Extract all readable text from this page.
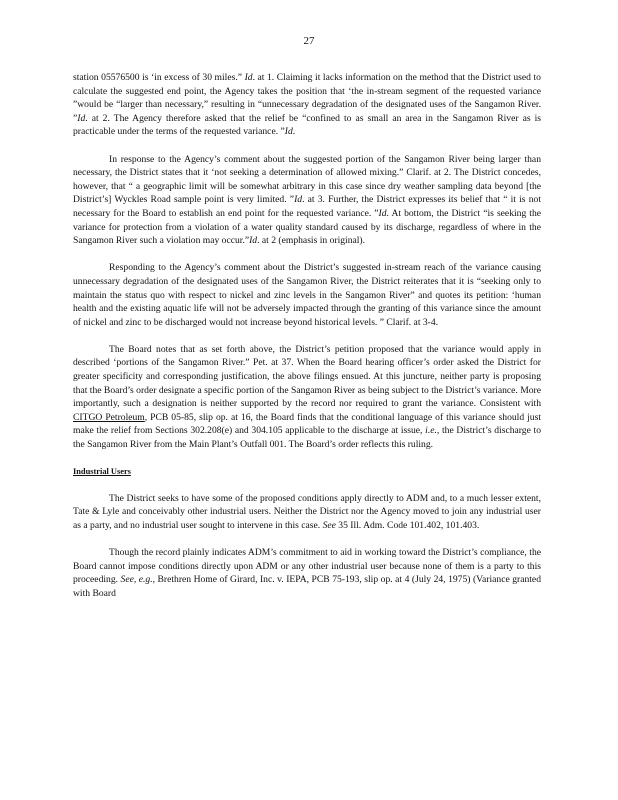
27

station 05576500 is ‘in excess of 30 miles.” Id. at 1. Claiming it lacks information on the method that the District used to calculate the suggested end point, the Agency takes the position that ‘the in-stream segment of the requested variance ”would be “larger than necessary,” resulting in “unnecessary degradation of the designated uses of the Sangamon River. ”Id. at 2. The Agency therefore asked that the relief be “confined to as small an area in the Sangamon River as is practicable under the terms of the requested variance. ”Id.

In response to the Agency’s comment about the suggested portion of the Sangamon River being larger than necessary, the District states that it ‘not seeking a determination of allowed mixing.” Clarif. at 2. The District concedes, however, that “ a geographic limit will be somewhat arbitrary in this case since dry weather sampling data beyond [the District’s] Wyckles Road sample point is very limited. ”Id. at 3. Further, the District expresses its belief that “ it is not necessary for the Board to establish an end point for the requested variance. ”Id. At bottom, the District “is seeking the variance for protection from a violation of a water quality standard caused by its discharge, regardless of where in the Sangamon River such a violation may occur.”Id. at 2 (emphasis in original).

Responding to the Agency’s comment about the District’s suggested in-stream reach of the variance causing unnecessary degradation of the designated uses of the Sangamon River, the District reiterates that it is “seeking only to maintain the status quo with respect to nickel and zinc levels in the Sangamon River” and quotes its petition: ‘human health and the existing aquatic life will not be adversely impacted through the granting of this variance since the amount of nickel and zinc to be discharged would not increase beyond historical levels. ” Clarif. at 3-4.

The Board notes that as set forth above, the District’s petition proposed that the variance would apply in described ‘portions of the Sangamon River.” Pet. at 37. When the Board hearing officer’s order asked the District for greater specificity and corresponding justification, the above filings ensued. At this juncture, neither party is proposing that the Board’s order designate a specific portion of the Sangamon River as being subject to the District’s variance. More importantly, such a designation is neither supported by the record nor required to grant the variance. Consistent with CITGO Petroleum, PCB 05-85, slip op. at 16, the Board finds that the conditional language of this variance should just make the relief from Sections 302.208(e) and 304.105 applicable to the discharge at issue, i.e., the District’s discharge to the Sangamon River from the Main Plant’s Outfall 001. The Board’s order reflects this ruling.

Industrial Users

The District seeks to have some of the proposed conditions apply directly to ADM and, to a much lesser extent, Tate & Lyle and conceivably other industrial users. Neither the District nor the Agency moved to join any industrial user as a party, and no industrial user sought to intervene in this case. See 35 Ill. Adm. Code 101.402, 101.403.

Though the record plainly indicates ADM’s commitment to aid in working toward the District’s compliance, the Board cannot impose conditions directly upon ADM or any other industrial user because none of them is a party to this proceeding. See, e.g., Brethren Home of Girard, Inc. v. IEPA, PCB 75-193, slip op. at 4 (July 24, 1975) (Variance granted with Board
